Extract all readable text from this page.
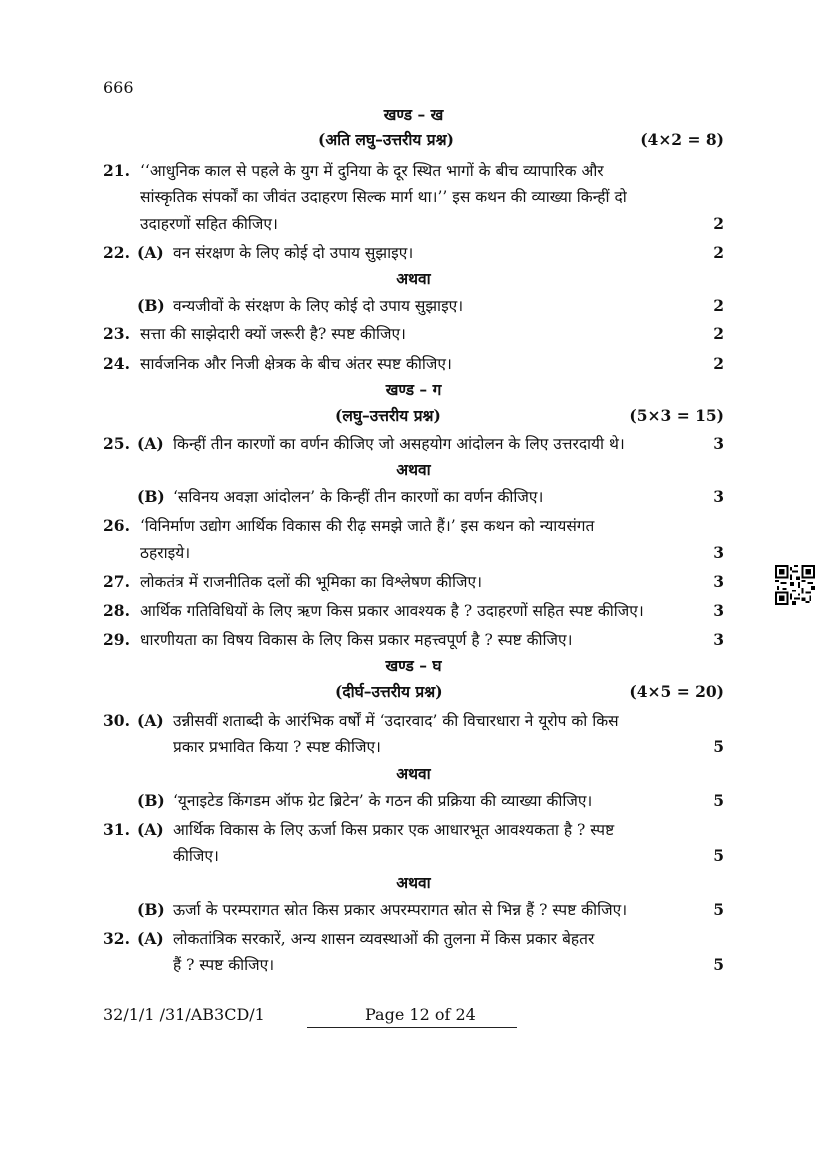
666
खण्ड – ख
(अति लघु–उत्तरीय प्रश्न)	(4×2 = 8)
21. ‘‘आधुनिक काल से पहले के युग में दुनिया के दूर स्थित भागों के बीच व्यापारिक और
सांस्कृतिक संपर्कों का जीवंत उदाहरण सिल्क मार्ग था।’’ इस कथन की व्याख्या किन्हीं दो
उदाहरणों सहित कीजिए।	2
22. (A) वन संरक्षण के लिए कोई दो उपाय सुझाइए।	2
अथवा
(B) वन्यजीवों के संरक्षण के लिए कोई दो उपाय सुझाइए।	2
23. सत्ता की साझेदारी क्यों जरूरी है? स्पष्ट कीजिए।	2
24. सार्वजनिक और निजी क्षेत्रक के बीच अंतर स्पष्ट कीजिए।	2
खण्ड – ग
(लघु–उत्तरीय प्रश्न)	(5×3 = 15)
25. (A) किन्हीं तीन कारणों का वर्णन कीजिए जो असहयोग आंदोलन के लिए उत्तरदायी थे।	3
अथवा
(B) ‘सविनय अवज्ञा आंदोलन’ के किन्हीं तीन कारणों का वर्णन कीजिए।	3
26. ‘विनिर्माण उद्योग आर्थिक विकास की रीढ़ समझे जाते हैं।’ इस कथन को न्यायसंगत
ठहराइये।	3
27. लोकतंत्र में राजनीतिक दलों की भूमिका का विश्लेषण कीजिए।	3
28. आर्थिक गतिविधियों के लिए ऋण किस प्रकार आवश्यक है ? उदाहरणों सहित स्पष्ट कीजिए।	3
29. धारणीयता का विषय विकास के लिए किस प्रकार महत्त्वपूर्ण है ? स्पष्ट कीजिए।	3
खण्ड – घ
(दीर्घ–उत्तरीय प्रश्न)	(4×5 = 20)
30. (A) उन्नीसवीं शताब्दी के आरंभिक वर्षों में ‘उदारवाद’ की विचारधारा ने यूरोप को किस
प्रकार प्रभावित किया ? स्पष्ट कीजिए।	5
अथवा
(B) ‘यूनाइटेड किंगडम ऑफ ग्रेट ब्रिटेन’ के गठन की प्रक्रिया की व्याख्या कीजिए।	5
31. (A) आर्थिक विकास के लिए ऊर्जा किस प्रकार एक आधारभूत आवश्यकता है ? स्पष्ट
कीजिए।	5
अथवा
(B) ऊर्जा के परम्परागत स्रोत किस प्रकार अपरम्परागत स्रोत से भिन्न हैं ? स्पष्ट कीजिए।	5
32. (A) लोकतांत्रिक सरकारें, अन्य शासन व्यवस्थाओं की तुलना में किस प्रकार बेहतर
हैं ? स्पष्ट कीजिए।	5
32/1/1 /31/AB3CD/1	Page 12 of 24
